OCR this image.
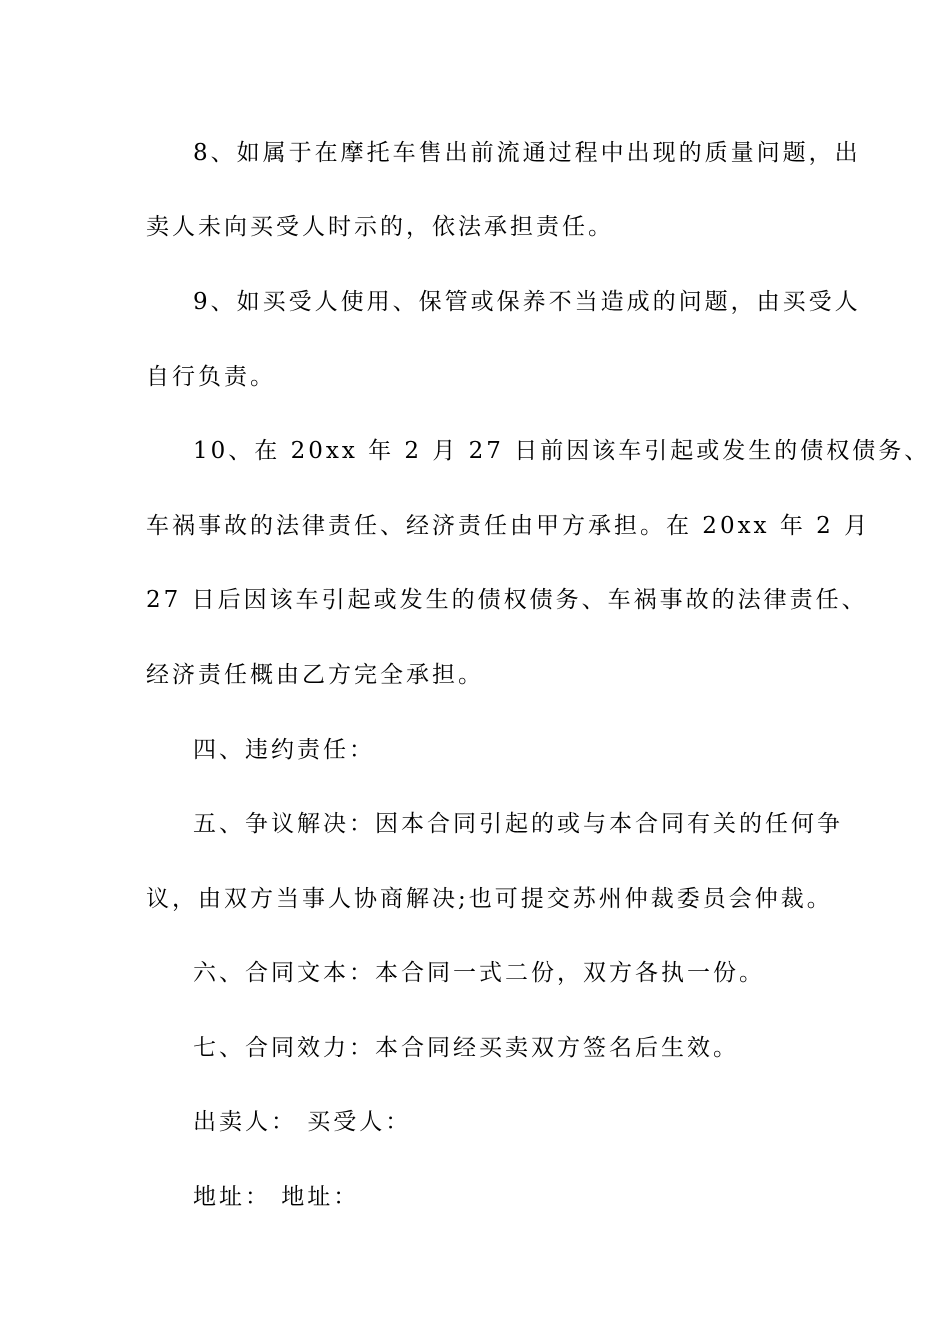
8、如属于在摩托车售出前流通过程中出现的质量问题，出
卖人未向买受人时示的，依法承担责任。
9、如买受人使用、保管或保养不当造成的问题，由买受人
自行负责。
10、在 20xx 年 2 月 27 日前因该车引起或发生的债权债务、
车祸事故的法律责任、经济责任由甲方承担。在 20xx 年 2 月
27 日后因该车引起或发生的债权债务、车祸事故的法律责任、
经济责任概由乙方完全承担。
四、违约责任：
五、争议解决：因本合同引起的或与本合同有关的任何争
议，由双方当事人协商解决;也可提交苏州仲裁委员会仲裁。
六、合同文本：本合同一式二份，双方各执一份。
七、合同效力：本合同经买卖双方签名后生效。
出卖人： 买受人：
地址： 地址：
